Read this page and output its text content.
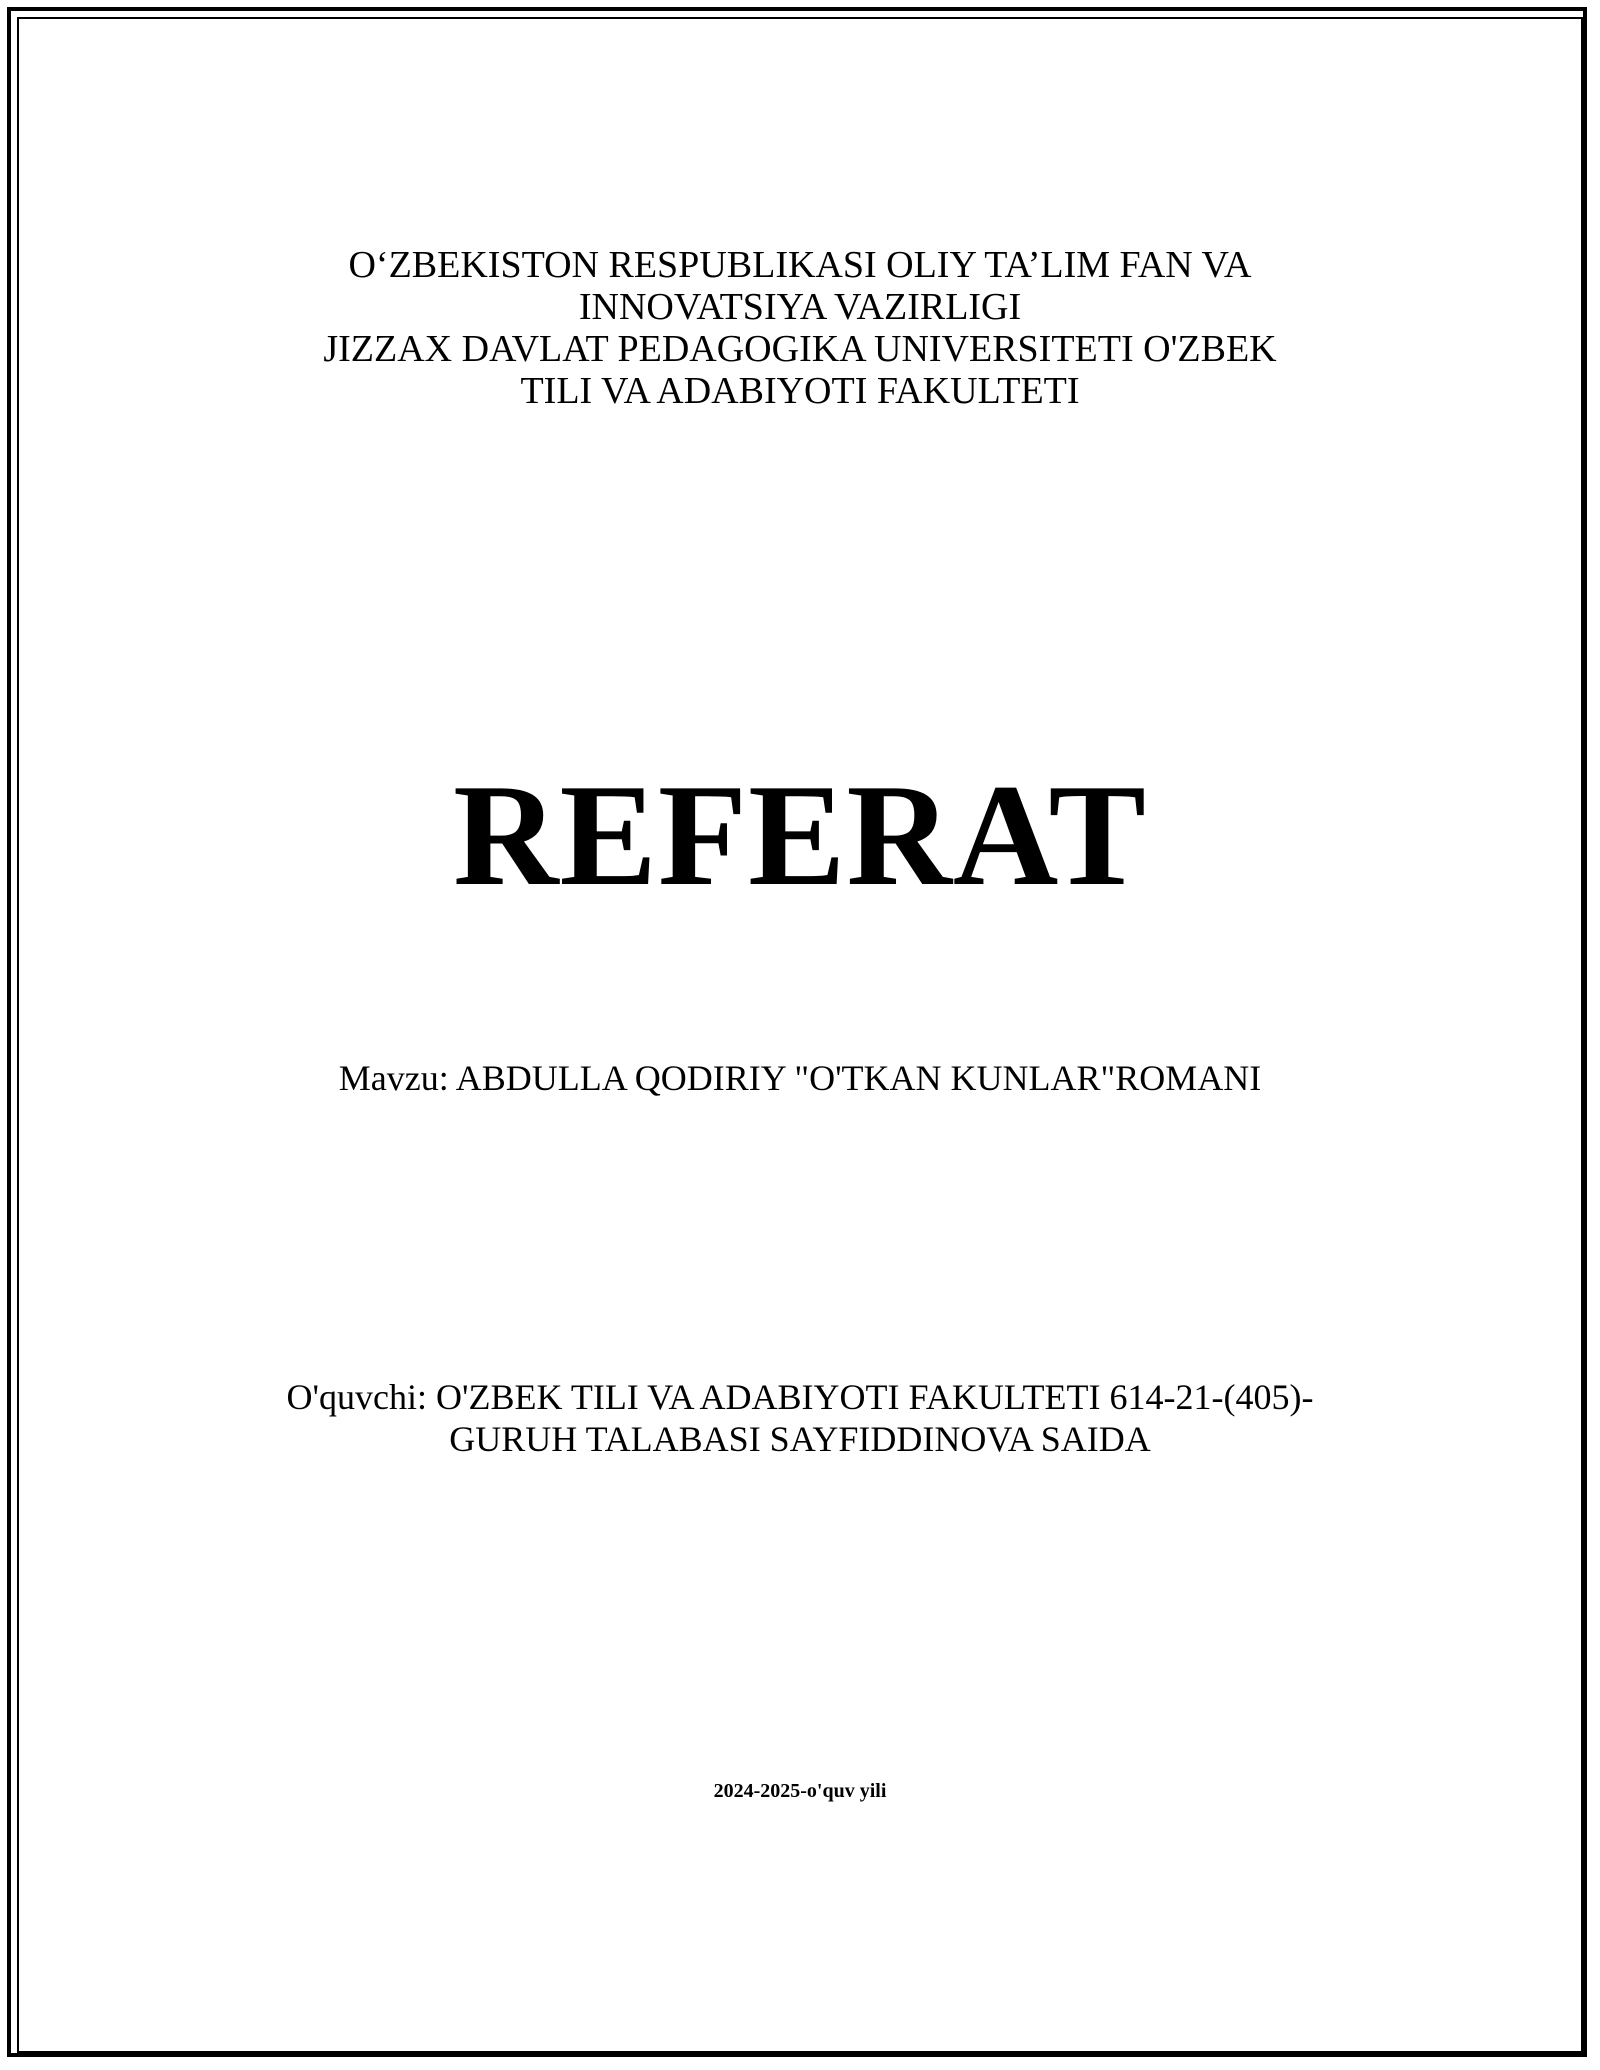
O‘ZBEKISTON RESPUBLIKASI OLIY TA’LIM FAN VA
INNOVATSIYA VAZIRLIGI
JIZZAX DAVLAT PEDAGOGIKA UNIVERSITETI O'ZBEK
TILI VA ADABIYOTI FAKULTETI
REFERAT
Mavzu: ABDULLA QODIRIY "O'TKAN KUNLAR"ROMANI
O'quvchi: O'ZBEK TILI VA ADABIYOTI FAKULTETI 614-21-(405)-
GURUH TALABASI SAYFIDDINOVA SAIDA
2024-2025-o'quv yili
